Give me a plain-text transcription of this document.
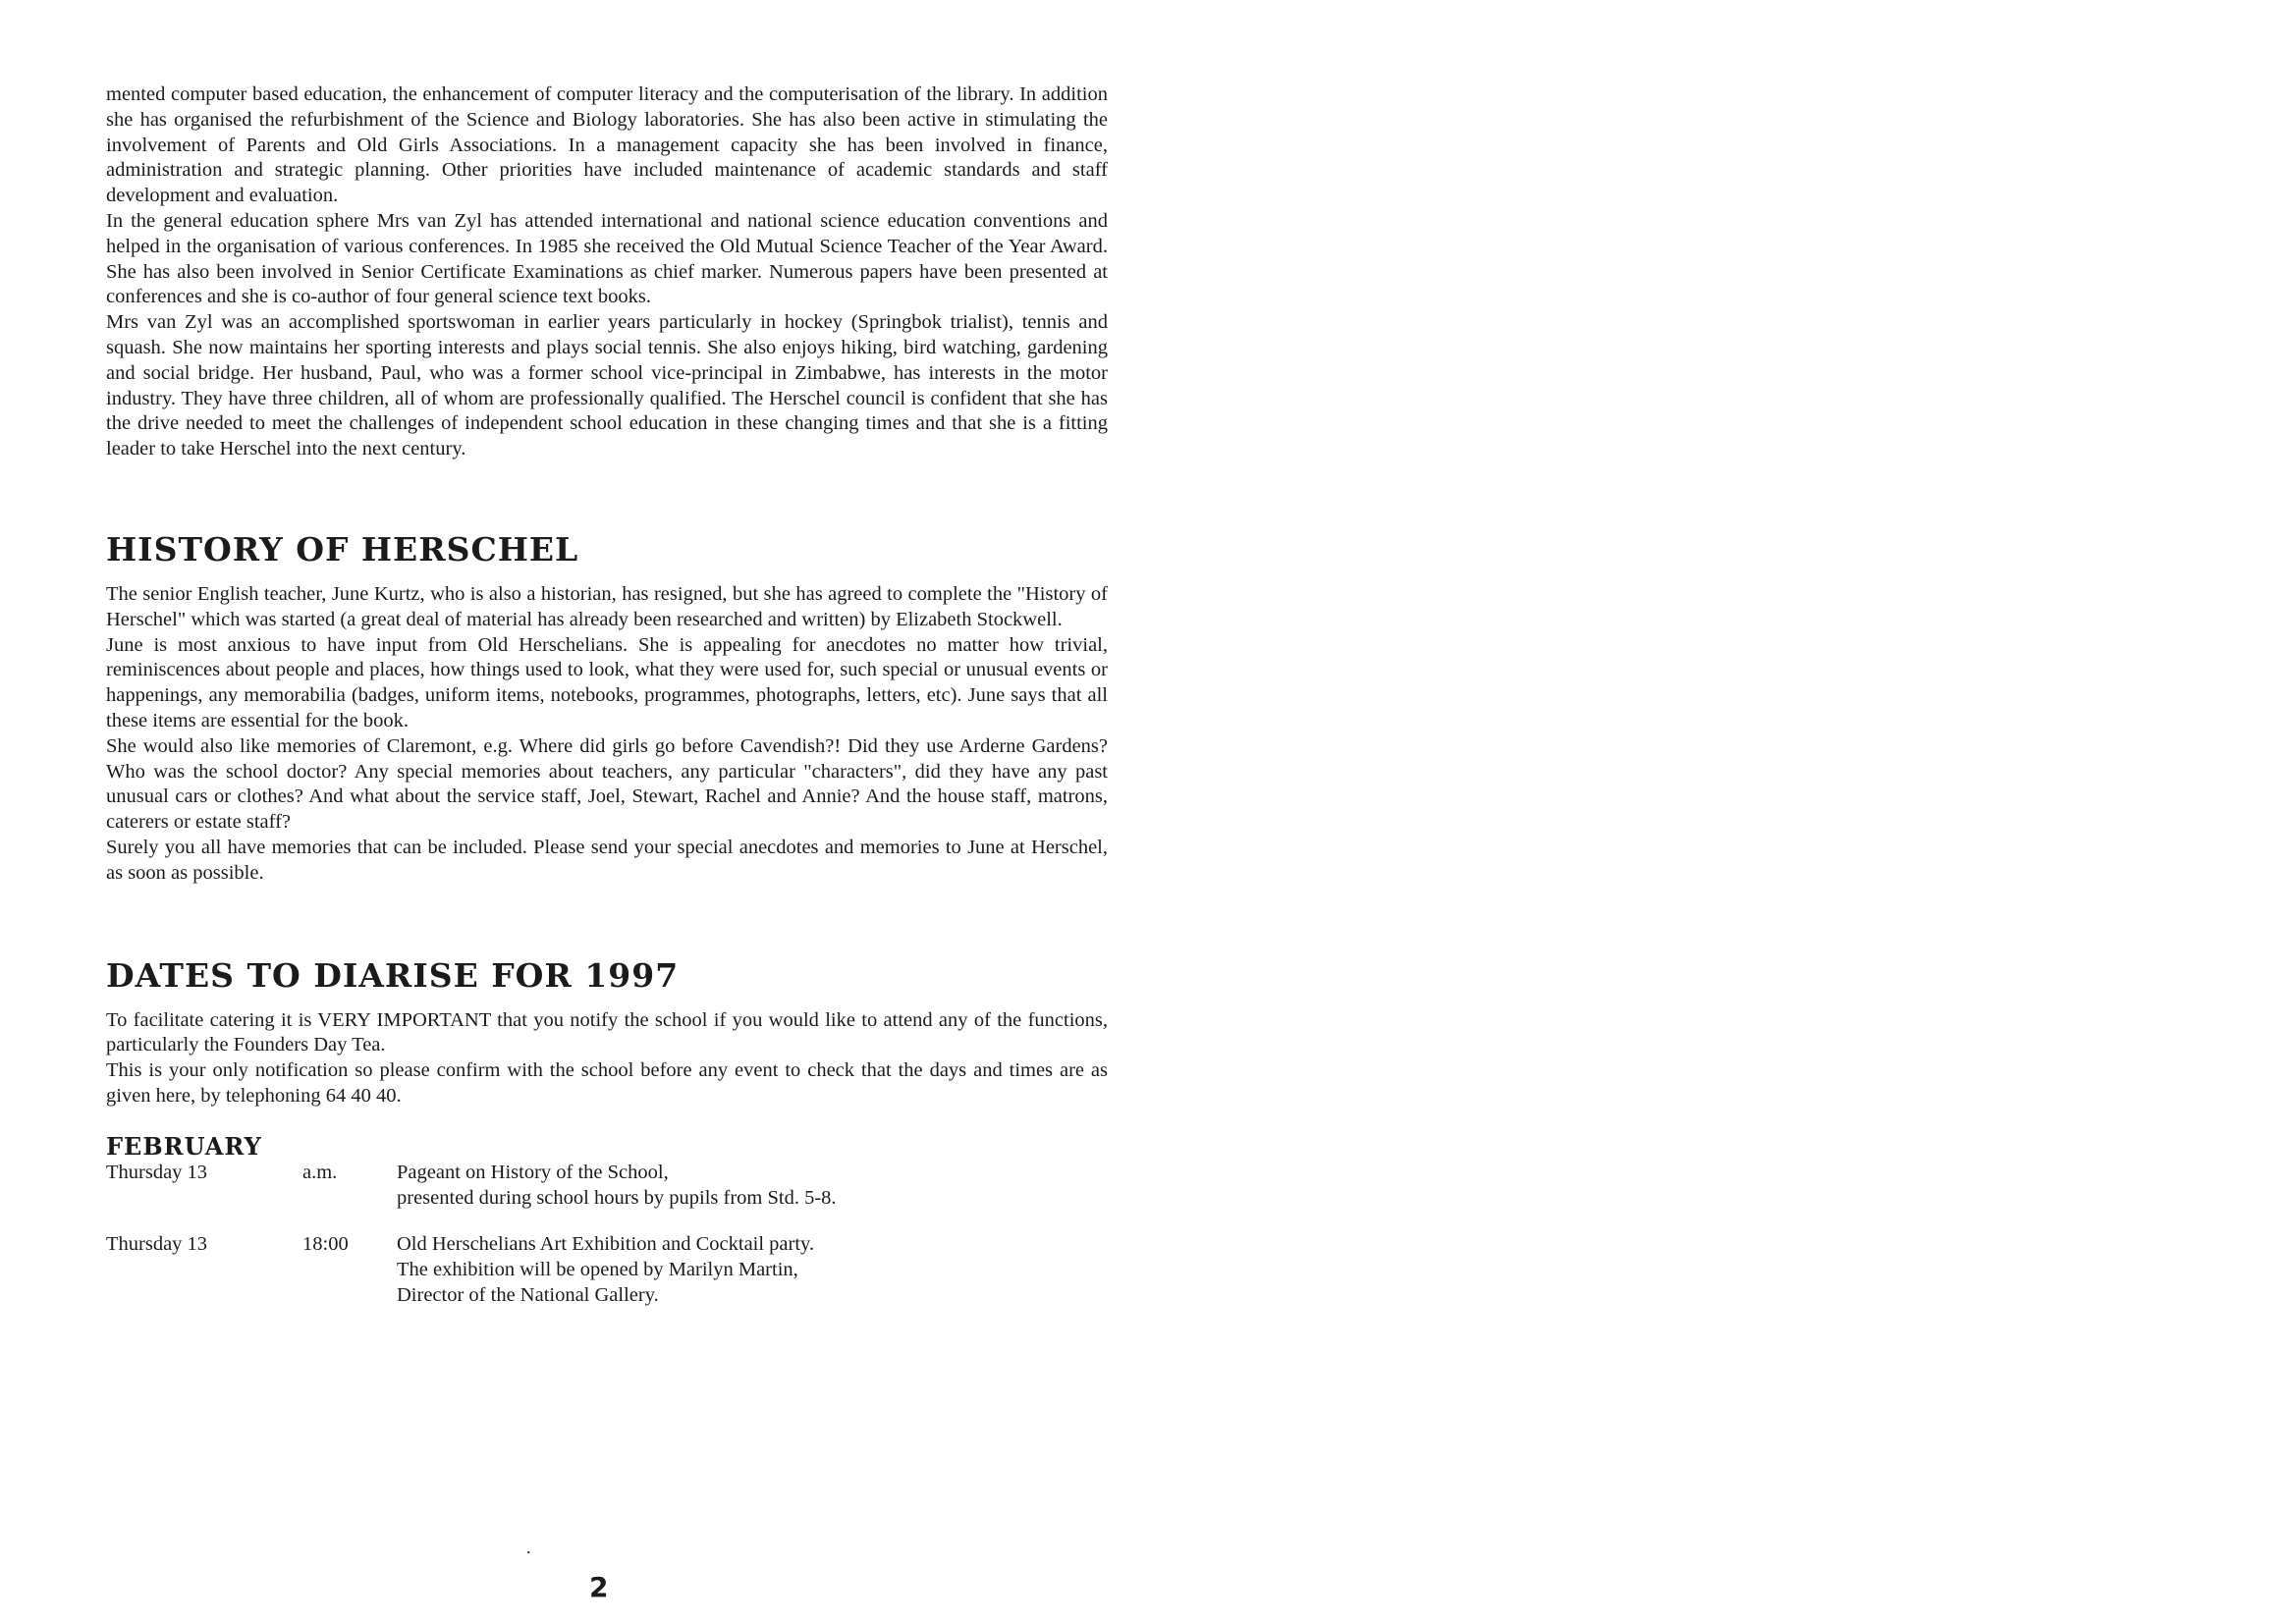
mented computer based education, the enhancement of computer literacy and the computerisation of the library. In addition she has organised the refurbishment of the Science and Biology laboratories. She has also been active in stimulating the involvement of Parents and Old Girls Associations. In a management capacity she has been involved in finance, administration and strategic planning. Other priorities have included maintenance of academic standards and staff development and evaluation.

In the general education sphere Mrs van Zyl has attended international and national science education conventions and helped in the organisation of various conferences. In 1985 she received the Old Mutual Science Teacher of the Year Award. She has also been involved in Senior Certificate Examinations as chief marker. Numerous papers have been presented at conferences and she is co-author of four general science text books.

Mrs van Zyl was an accomplished sportswoman in earlier years particularly in hockey (Springbok trialist), tennis and squash. She now maintains her sporting interests and plays social tennis. She also enjoys hiking, bird watching, gardening and social bridge. Her husband, Paul, who was a former school vice-principal in Zimbabwe, has interests in the motor industry. They have three children, all of whom are professionally qualified. The Herschel council is confident that she has the drive needed to meet the challenges of independent school education in these changing times and that she is a fitting leader to take Herschel into the next century.

HISTORY OF HERSCHEL

The senior English teacher, June Kurtz, who is also a historian, has resigned, but she has agreed to complete the "History of Herschel" which was started (a great deal of material has already been researched and written) by Elizabeth Stockwell.

June is most anxious to have input from Old Herschelians. She is appealing for anecdotes no matter how trivial, reminiscences about people and places, how things used to look, what they were used for, such special or unusual events or happenings, any memorabilia (badges, uniform items, notebooks, programmes, photographs, letters, etc). June says that all these items are essential for the book.

She would also like memories of Claremont, e.g. Where did girls go before Cavendish?! Did they use Arderne Gardens? Who was the school doctor? Any special memories about teachers, any particular "characters", did they have any past unusual cars or clothes? And what about the service staff, Joel, Stewart, Rachel and Annie? And the house staff, matrons, caterers or estate staff?

Surely you all have memories that can be included. Please send your special anecdotes and memories to June at Herschel, as soon as possible.

DATES TO DIARISE FOR 1997

To facilitate catering it is VERY IMPORTANT that you notify the school if you would like to attend any of the functions, particularly the Founders Day Tea.

This is your only notification so please confirm with the school before any event to check that the days and times are as given here, by telephoning 64 40 40.

FEBRUARY
Thursday 13	a.m.	Pageant on History of the School,
presented during school hours by pupils from Std. 5-8.
Thursday 13	18:00	Old Herschelians Art Exhibition and Cocktail party.
The exhibition will be opened by Marilyn Martin,
Director of the National Gallery.
.
2
